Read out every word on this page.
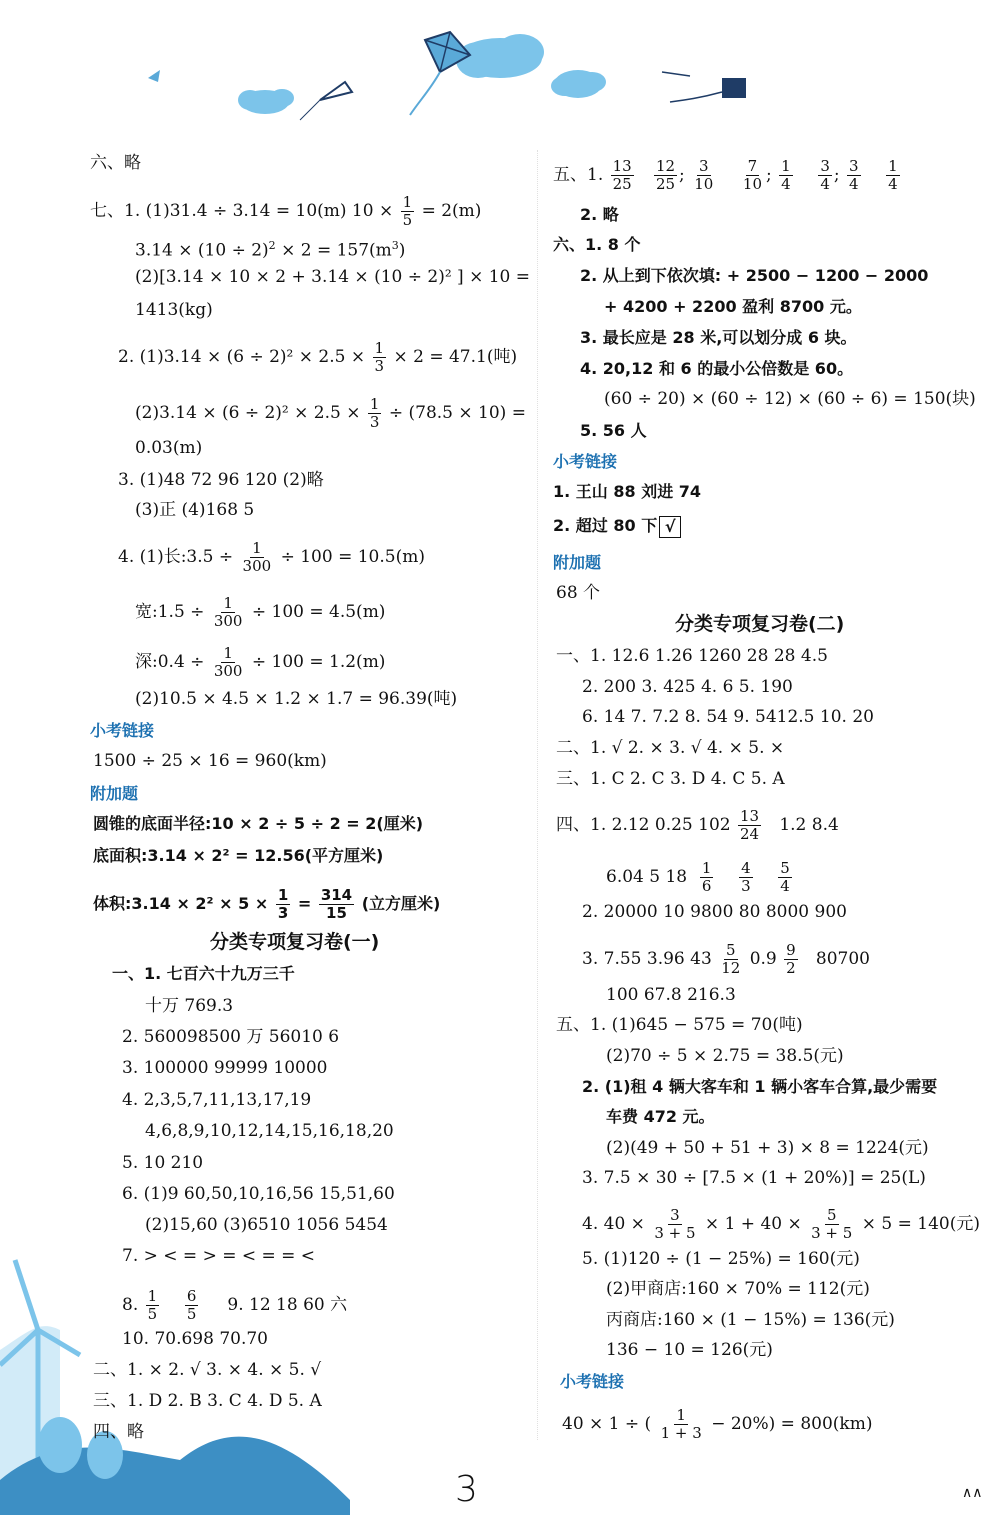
六、略
七、1. (1)31.4 ÷ 3.14 = 10(m) $10 \times \frac{1}{5} = 2(m)$
$3.14 \times (10 \div 2)^2 \times 2 = 157(m^3)$
(2)[3.14 × 10 × 2 + 3.14 × (10 ÷ 2)² ] × 10 =
1413(kg)
2. $(1)3.14 \times (6 \div 2)^2 \times 2.5 \times \frac{1}{3} \times 2 = 47.1$(吨)
$(2)3.14 \times (6 \div 2)^2 \times 2.5 \times \frac{1}{3} \div (78.5 \times 10)$ =
0.03(m)
3. (1)48 72 96 120 (2)略
(3)正 (4)168 5
4. (1)长:3.5 ÷ $\frac{1}{300} \div 100 = 10.5(m)$
宽:1.5 ÷ $\frac{1}{300} \div 100 = 4.5(m)$
深:0.4 ÷ $\frac{1}{300} \div 100 = 1.2(m)$
(2)10.5 × 4.5 × 1.2 × 1.7 = 96.39(吨)
小考链接
1500 ÷ 25 × 16 = 960(km)
附加题
圆锥的底面半径:10 × 2 ÷ 5 ÷ 2 = 2(厘米)
底面积:3.14 × 2² = 12.56(平方厘米)
体积:3.14 × $2^2 \times 5 \times \frac{1}{3} = \frac{314}{15}$ (立方厘米)
分类专项复习卷(一)
一、1. 七百六十九万三千
十万 769.3
2. 560098500 万 56010 6
3. 100000 99999 10000
4. 2,3,5,7,11,13,17,19
4,6,8,9,10,12,14,15,16,18,20
5. 10 210
6. (1)9 60,50,10,16,56 15,51,60
(2)15,60 (3)6510 1056 5454
7. > < = > = < = = <
8. $\frac{1}{5}$
$\frac{6}{5} 9$. 12 18 60 六
10. 70.698 70.70
二、1. × 2. √ 3. × 4. × 5. √
三、1. D 2. B 3. C 4. D 5. A
四、略
五、1. $\frac{13}{25}$
$\frac{12}{25}$ ; $\frac{3}{10}$
$\frac{7}{10}$ ; $\frac{1}{4}$
$\frac{3}{4}$ ; $\frac{3}{4}$
$\frac{1}{4}$
2. 略
六、1. 8 个
2. 从上到下依次填: + 2500 − 1200 − 2000
+ 4200 + 2200 盈利 8700 元。
3. 最长应是 28 米,可以划分成 6 块。
4. 20,12 和 6 的最小公倍数是 60。
(60 ÷ 20) × (60 ÷ 12) × (60 ÷ 6) = 150(块)
5. 56 人
小考链接
1. 王山 88 刘进 74
2. 超过 80 下 √
附加题
68 个
分类专项复习卷(二)
一、1. 12.6 1.26 1260 28 28 4.5
2. 200 3. 425 4. 6 5. 190
6. 14 7. 7.2 8. 54 9. 5412.5 10. 20
二、1. √ 2. × 3. √ 4. × 5. ×
三、1. C 2. C 3. D 4. C 5. A
四、1. 2.12 0.25 $102 \frac{13}{24} 1.2$ 8.4
6.04 5 $18 \frac{1}{6}$
$\frac{4}{3}$
$\frac{5}{4}$
2. 20000 10 9800 80 8000 900
3. 7.55 3.96 $43 \frac{5}{12} 0.9 \frac{9}{2} 80700$
100 67.8 216.3
五、1. (1)645 − 575 = 70(吨)
(2)70 ÷ 5 × 2.75 = 38.5(元)
2. (1)租 4 辆大客车和 1 辆小客车合算,最少需要
车费 472 元。
(2)(49 + 50 + 51 + 3) × 8 = 1224(元)
3. 7.5 × 30 ÷ [7.5 × (1 + 20%)] = 25(L)
4. $40 \times \frac{3}{3 + 5} \times 1 + 40 \times \frac{5}{3 + 5} \times 5 = 140$(元)
5. (1)120 ÷ (1 − 25%) = 160(元)
(2)甲商店:160 × 70% = 112(元)
丙商店:160 × (1 − 15%) = 136(元)
136 − 10 = 126(元)
小考链接
40 × 1 ÷ ( $\frac{1}{1 + 3} - 20\%) = 800(km)$
3	∧∧
